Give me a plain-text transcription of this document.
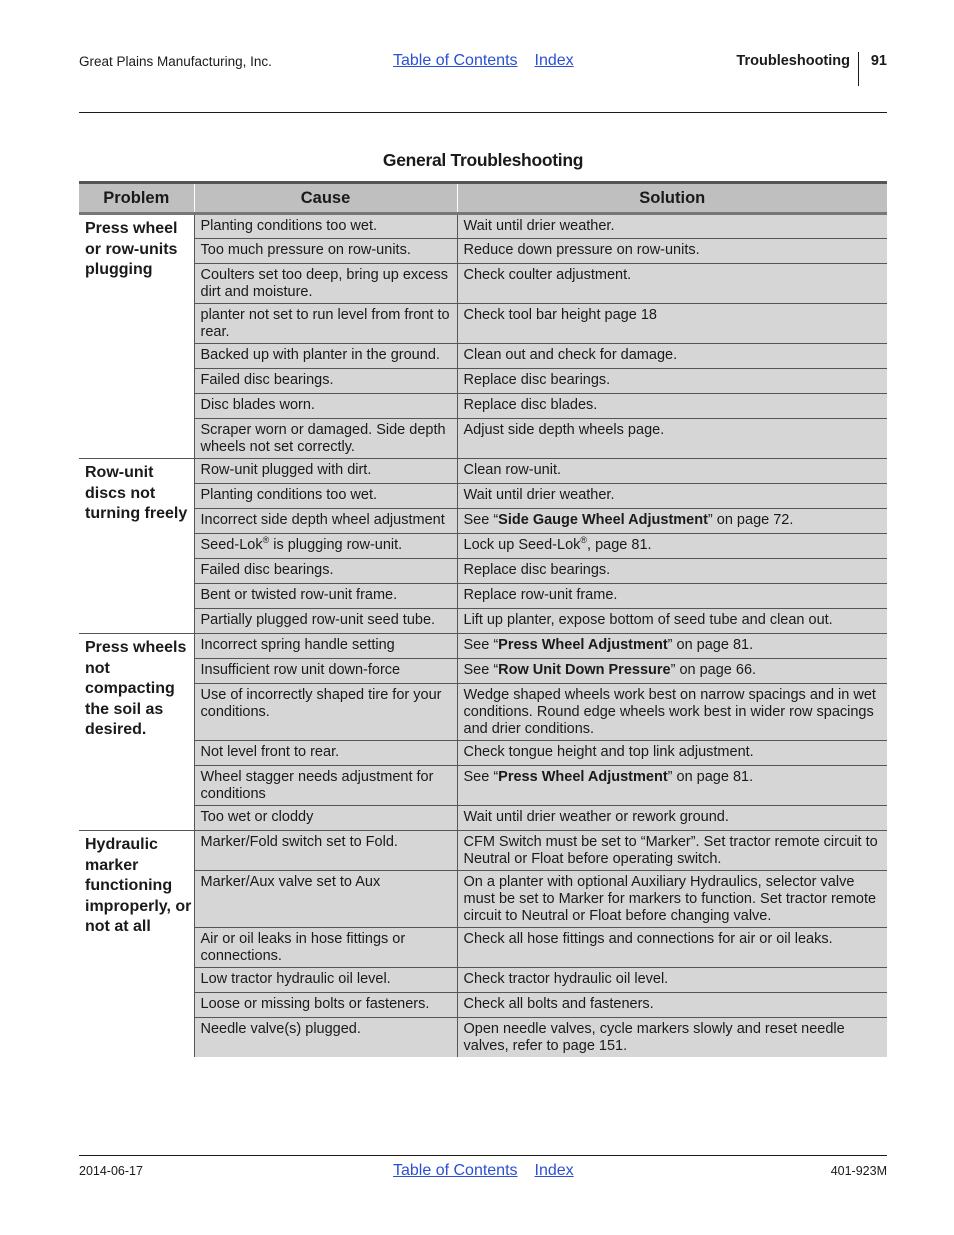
Great Plains Manufacturing, Inc.	Table of Contents Index	Troubleshooting 91
General Troubleshooting
Problem	Cause	Solution
Press wheel or row-units plugging	Planting conditions too wet.	Wait until drier weather.
	Too much pressure on row-units.	Reduce down pressure on row-units.
	Coulters set too deep, bring up excess dirt and moisture.	Check coulter adjustment.
	planter not set to run level from front to rear.	Check tool bar height page 18
	Backed up with planter in the ground.	Clean out and check for damage.
	Failed disc bearings.	Replace disc bearings.
	Disc blades worn.	Replace disc blades.
	Scraper worn or damaged. Side depth wheels not set correctly.	Adjust side depth wheels page.
Row-unit discs not turning freely	Row-unit plugged with dirt.	Clean row-unit.
	Planting conditions too wet.	Wait until drier weather.
	Incorrect side depth wheel adjustment	See “Side Gauge Wheel Adjustment” on page 72.
	Seed-Lok® is plugging row-unit.	Lock up Seed-Lok®, page 81.
	Failed disc bearings.	Replace disc bearings.
	Bent or twisted row-unit frame.	Replace row-unit frame.
	Partially plugged row-unit seed tube.	Lift up planter, expose bottom of seed tube and clean out.
Press wheels not compacting the soil as desired.	Incorrect spring handle setting	See “Press Wheel Adjustment” on page 81.
	Insufficient row unit down-force	See “Row Unit Down Pressure” on page 66.
	Use of incorrectly shaped tire for your conditions.	Wedge shaped wheels work best on narrow spacings and in wet conditions. Round edge wheels work best in wider row spacings and drier conditions.
	Not level front to rear.	Check tongue height and top link adjustment.
	Wheel stagger needs adjustment for conditions	See “Press Wheel Adjustment” on page 81.
	Too wet or cloddy	Wait until drier weather or rework ground.
Hydraulic marker functioning improperly, or not at all	Marker/Fold switch set to Fold.	CFM Switch must be set to “Marker”. Set tractor remote circuit to Neutral or Float before operating switch.
	Marker/Aux valve set to Aux	On a planter with optional Auxiliary Hydraulics, selector valve must be set to Marker for markers to function. Set tractor remote circuit to Neutral or Float before changing valve.
	Air or oil leaks in hose fittings or connections.	Check all hose fittings and connections for air or oil leaks.
	Low tractor hydraulic oil level.	Check tractor hydraulic oil level.
	Loose or missing bolts or fasteners.	Check all bolts and fasteners.
	Needle valve(s) plugged.	Open needle valves, cycle markers slowly and reset needle valves, refer to page 151.
2014-06-17	Table of Contents Index	401-923M
